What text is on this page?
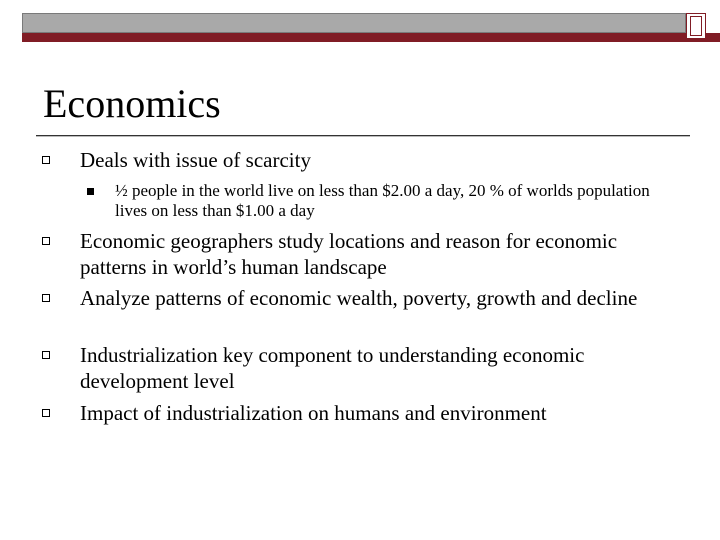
Economics
Deals with issue of scarcity
½ people in the world live on less than $2.00 a day, 20 % of worlds population lives on less than $1.00 a day
Economic geographers study locations and reason for economic patterns in world’s human landscape
Analyze patterns of economic wealth, poverty, growth and decline
Industrialization key component to understanding economic development level
Impact of industrialization on humans and environment
